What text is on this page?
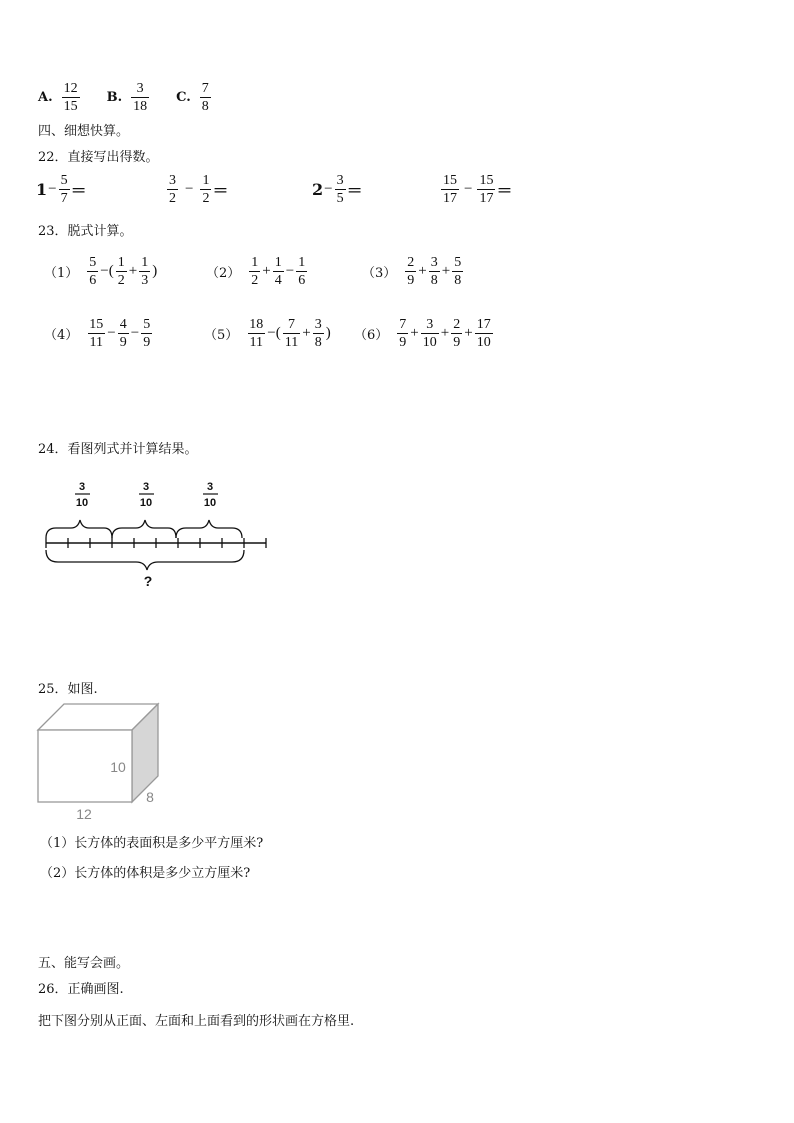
A. $\frac{12}{15} B$. $\frac{3}{18} C$. $\frac{7}{8}$
四、细想快算。
22．直接写出得数。
$1 - \frac{5}{7}$ ＝	$\frac{3}{2} - \frac{1}{2}$ ＝	$2 - \frac{3}{5}$ ＝	$\frac{15}{17} - \frac{15}{17}$ ＝
23．脱式计算。
$(1) \frac{5}{6}$ −( $\frac{1}{2} + \frac{1}{3}$ )	$(2) \frac{1}{2} + \frac{1}{4} - \frac{1}{6}$	$(3) \frac{2}{9} + \frac{3}{8} + \frac{5}{8}$
$(4) \frac{15}{11} - \frac{4}{9} - \frac{5}{9}$	$(5) \frac{18}{11}$ −( $\frac{7}{11} + \frac{3}{8}$ ) $(6) \frac{7}{9} + \frac{3}{10} + \frac{2}{9} + \frac{17}{10}$
24．看图列式并计算结果。
3
10
3
10
3
10
?
25．如图.
10
8
12
（1）长方体的表面积是多少平方厘米?
（2）长方体的体积是多少立方厘米?
五、能写会画。
26．正确画图.
把下图分别从正面、左面和上面看到的形状画在方格里.
